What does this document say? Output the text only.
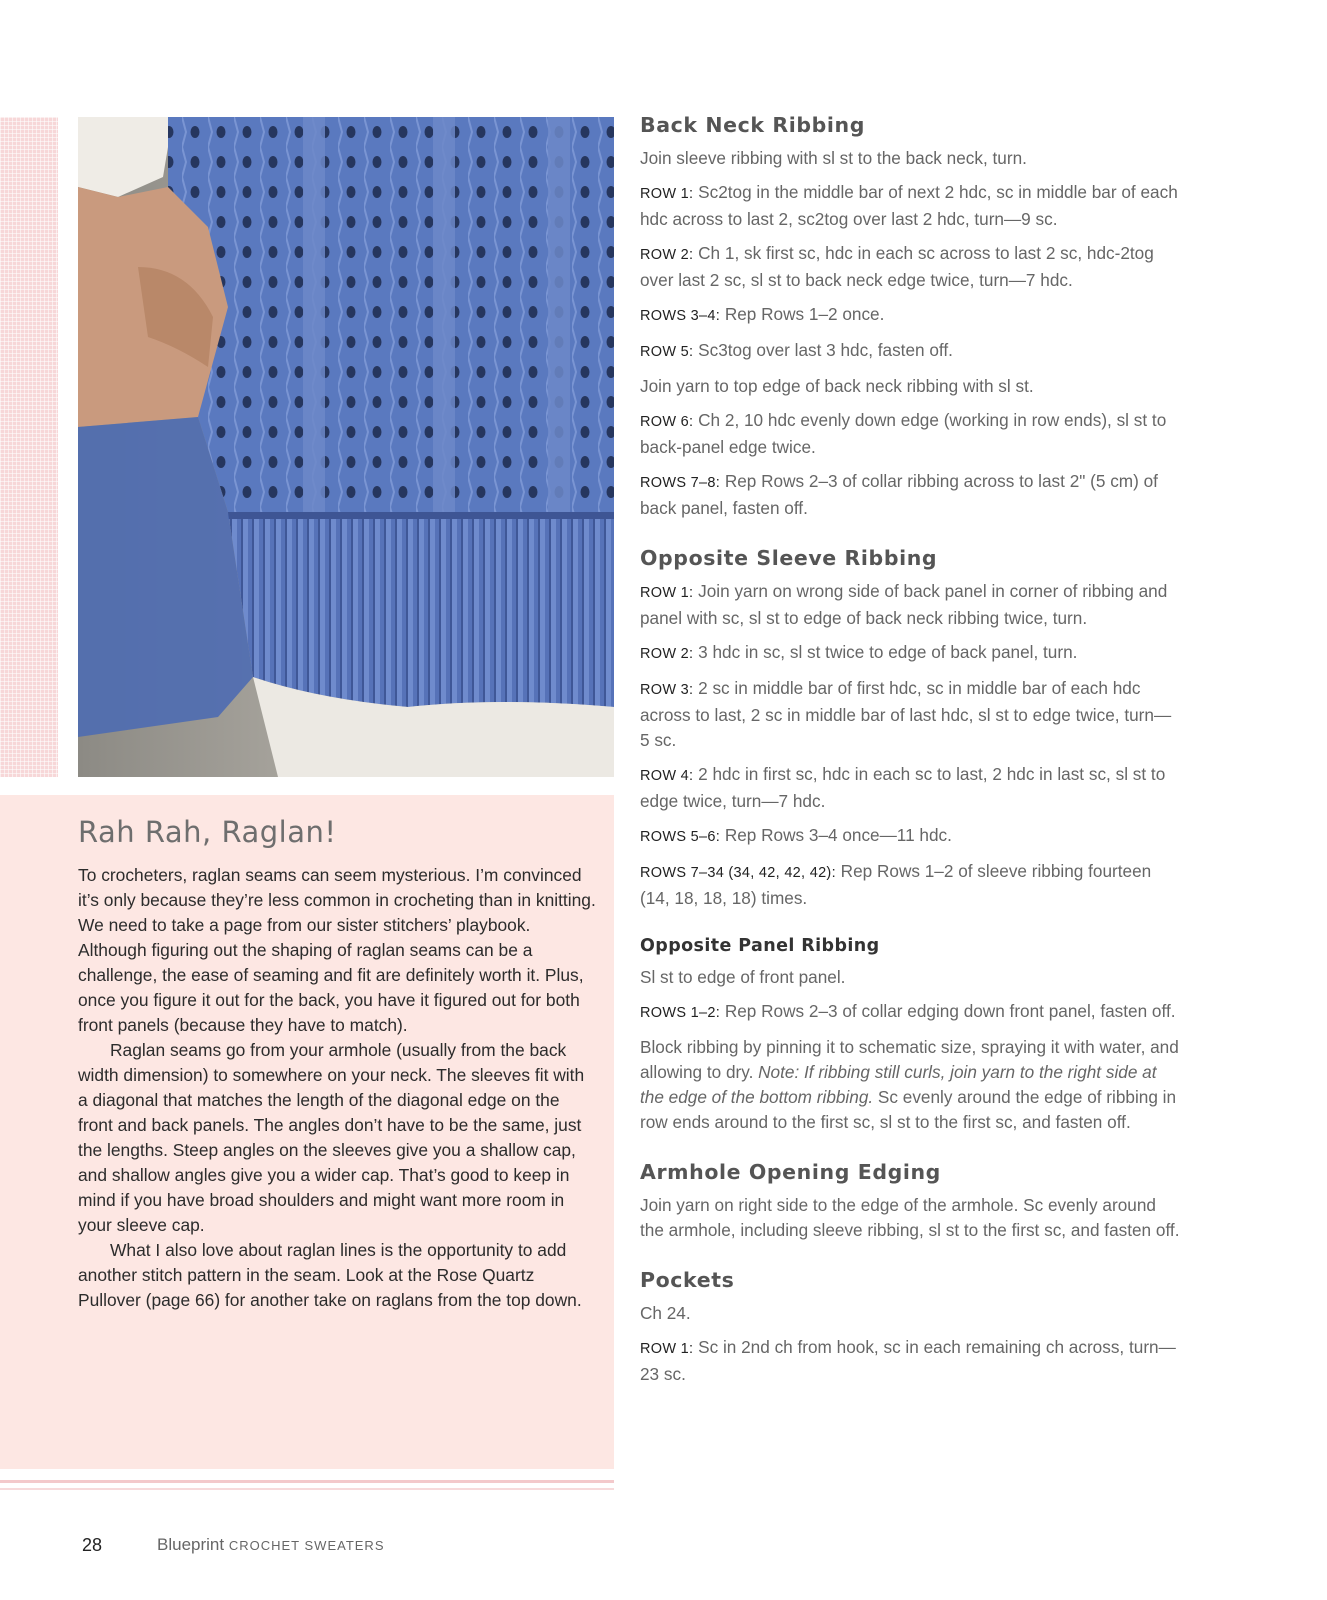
Rah Rah, Raglan!

To crocheters, raglan seams can seem mysterious. I’m convinced it’s only because they’re less common in crocheting than in knitting. We need to take a page from our sister stitchers’ playbook. Although figuring out the shaping of raglan seams can be a challenge, the ease of seaming and fit are definitely worth it. Plus, once you figure it out for the back, you have it figured out for both front panels (because they have to match).

Raglan seams go from your armhole (usually from the back width dimension) to somewhere on your neck. The sleeves fit with a diagonal that matches the length of the diagonal edge on the front and back panels. The angles don’t have to be the same, just the lengths. Steep angles on the sleeves give you a shallow cap, and shallow angles give you a wider cap. That’s good to keep in mind if you have broad shoulders and might want more room in your sleeve cap.

What I also love about raglan lines is the opportunity to add another stitch pattern in the seam. Look at the Rose Quartz Pullover (page 66) for another take on raglans from the top down.

Back Neck Ribbing

Join sleeve ribbing with sl st to the back neck, turn.

ROW 1: Sc2tog in the middle bar of next 2 hdc, sc in middle bar of each hdc across to last 2, sc2tog over last 2 hdc, turn—9 sc.

ROW 2: Ch 1, sk first sc, hdc in each sc across to last 2 sc, hdc-2tog over last 2 sc, sl st to back neck edge twice, turn—7 hdc.

ROWS 3–4: Rep Rows 1–2 once.

ROW 5: Sc3tog over last 3 hdc, fasten off.

Join yarn to top edge of back neck ribbing with sl st.

ROW 6: Ch 2, 10 hdc evenly down edge (working in row ends), sl st to back-panel edge twice.

ROWS 7–8: Rep Rows 2–3 of collar ribbing across to last 2" (5 cm) of back panel, fasten off.

Opposite Sleeve Ribbing

ROW 1: Join yarn on wrong side of back panel in corner of ribbing and panel with sc, sl st to edge of back neck ribbing twice, turn.

ROW 2: 3 hdc in sc, sl st twice to edge of back panel, turn.

ROW 3: 2 sc in middle bar of first hdc, sc in middle bar of each hdc across to last, 2 sc in middle bar of last hdc, sl st to edge twice, turn—5 sc.

ROW 4: 2 hdc in first sc, hdc in each sc to last, 2 hdc in last sc, sl st to edge twice, turn—7 hdc.

ROWS 5–6: Rep Rows 3–4 once—11 hdc.

ROWS 7–34 (34, 42, 42, 42): Rep Rows 1–2 of sleeve ribbing fourteen (14, 18, 18, 18) times.

Opposite Panel Ribbing

Sl st to edge of front panel.

ROWS 1–2: Rep Rows 2–3 of collar edging down front panel, fasten off.

Block ribbing by pinning it to schematic size, spraying it with water, and allowing to dry. Note: If ribbing still curls, join yarn to the right side at the edge of the bottom ribbing. Sc evenly around the edge of ribbing in row ends around to the first sc, sl st to the first sc, and fasten off.

Armhole Opening Edging

Join yarn on right side to the edge of the armhole. Sc evenly around the armhole, including sleeve ribbing, sl st to the first sc, and fasten off.

Pockets

Ch 24.

ROW 1: Sc in 2nd ch from hook, sc in each remaining ch across, turn—23 sc.

28	Blueprint CROCHET SWEATERS
